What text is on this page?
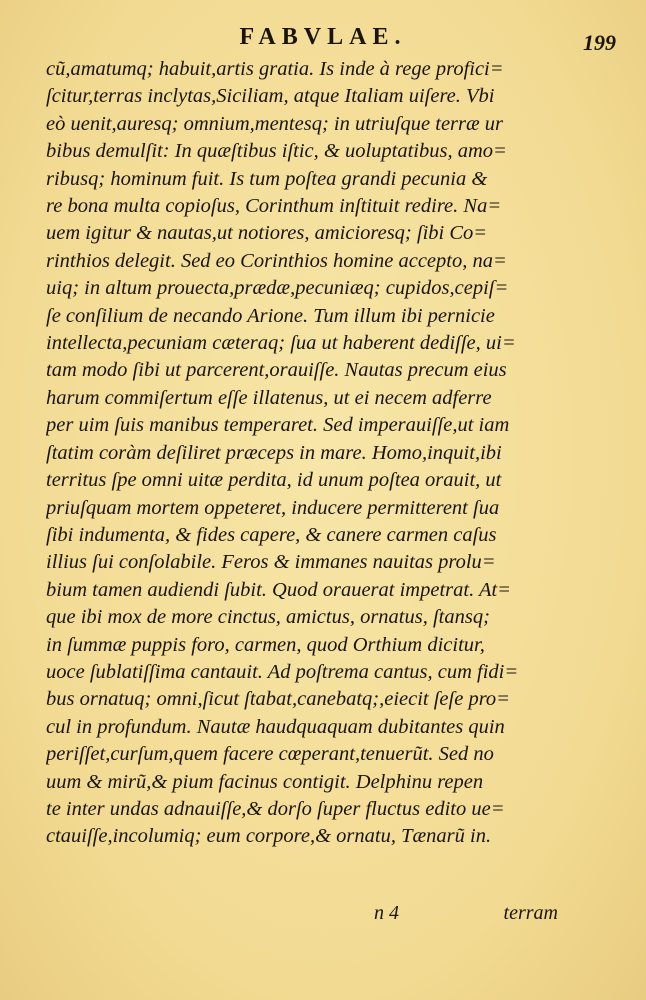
FABVLAE.	199
cũ,amatumq; habuit,artis gratia. Is inde à rege profici=
ſcitur,terras inclytas,Siciliam, atque Italiam uiſere. Vbi
eò uenit,auresq; omnium,mentesq; in utriuſque terræ ur
bibus demulſit: In quæſtibus iſtic, & uoluptatibus, amo=
ribusq; hominum fuit. Is tum poſtea grandi pecunia &
re bona multa copioſus, Corinthum inſtituit redire. Na=
uem igitur & nautas,ut notiores, amicioresq; ſibi Co=
rinthios delegit. Sed eo Corinthios homine accepto, na=
uiq; in altum prouecta,prædæ,pecuniæq; cupidos,cepiſ=
ſe conſilium de necando Arione. Tum illum ibi pernicie
intellecta,pecuniam cæteraq; ſua ut haberent dediſſe, ui=
tam modo ſibi ut parcerent,orauiſſe. Nautas precum eius
harum commiſertum eſſe illatenus, ut ei necem adferre
per uim ſuis manibus temperaret. Sed imperauiſſe,ut iam
ſtatim coràm deſiliret præceps in mare. Homo,inquit,ibi
territus ſpe omni uitæ perdita, id unum poſtea orauit, ut
priuſquam mortem oppeteret, inducere permitterent ſua
ſibi indumenta, & fides capere, & canere carmen caſus
illius ſui conſolabile. Feros & immanes nauitas prolu=
bium tamen audiendi ſubit. Quod orauerat impetrat. At=
que ibi mox de more cinctus, amictus, ornatus, ſtansq;
in ſummæ puppis foro, carmen, quod Orthium dicitur,
uoce ſublatiſſima cantauit. Ad poſtrema cantus, cum fidi=
bus ornatuq; omni,ſicut ſtabat,canebatq;,eiecit ſeſe pro=
cul in profundum. Nautæ haudquaquam dubitantes quin
periſſet,curſum,quem facere cœperant,tenuerũt. Sed no
uum & mirũ,& pium facinus contigit. Delphinu repen
te inter undas adnauiſſe,& dorſo ſuper fluctus edito ue=
ctauiſſe,incolumiq; eum corpore,& ornatu, Tænarũ in.
n 4	terram
